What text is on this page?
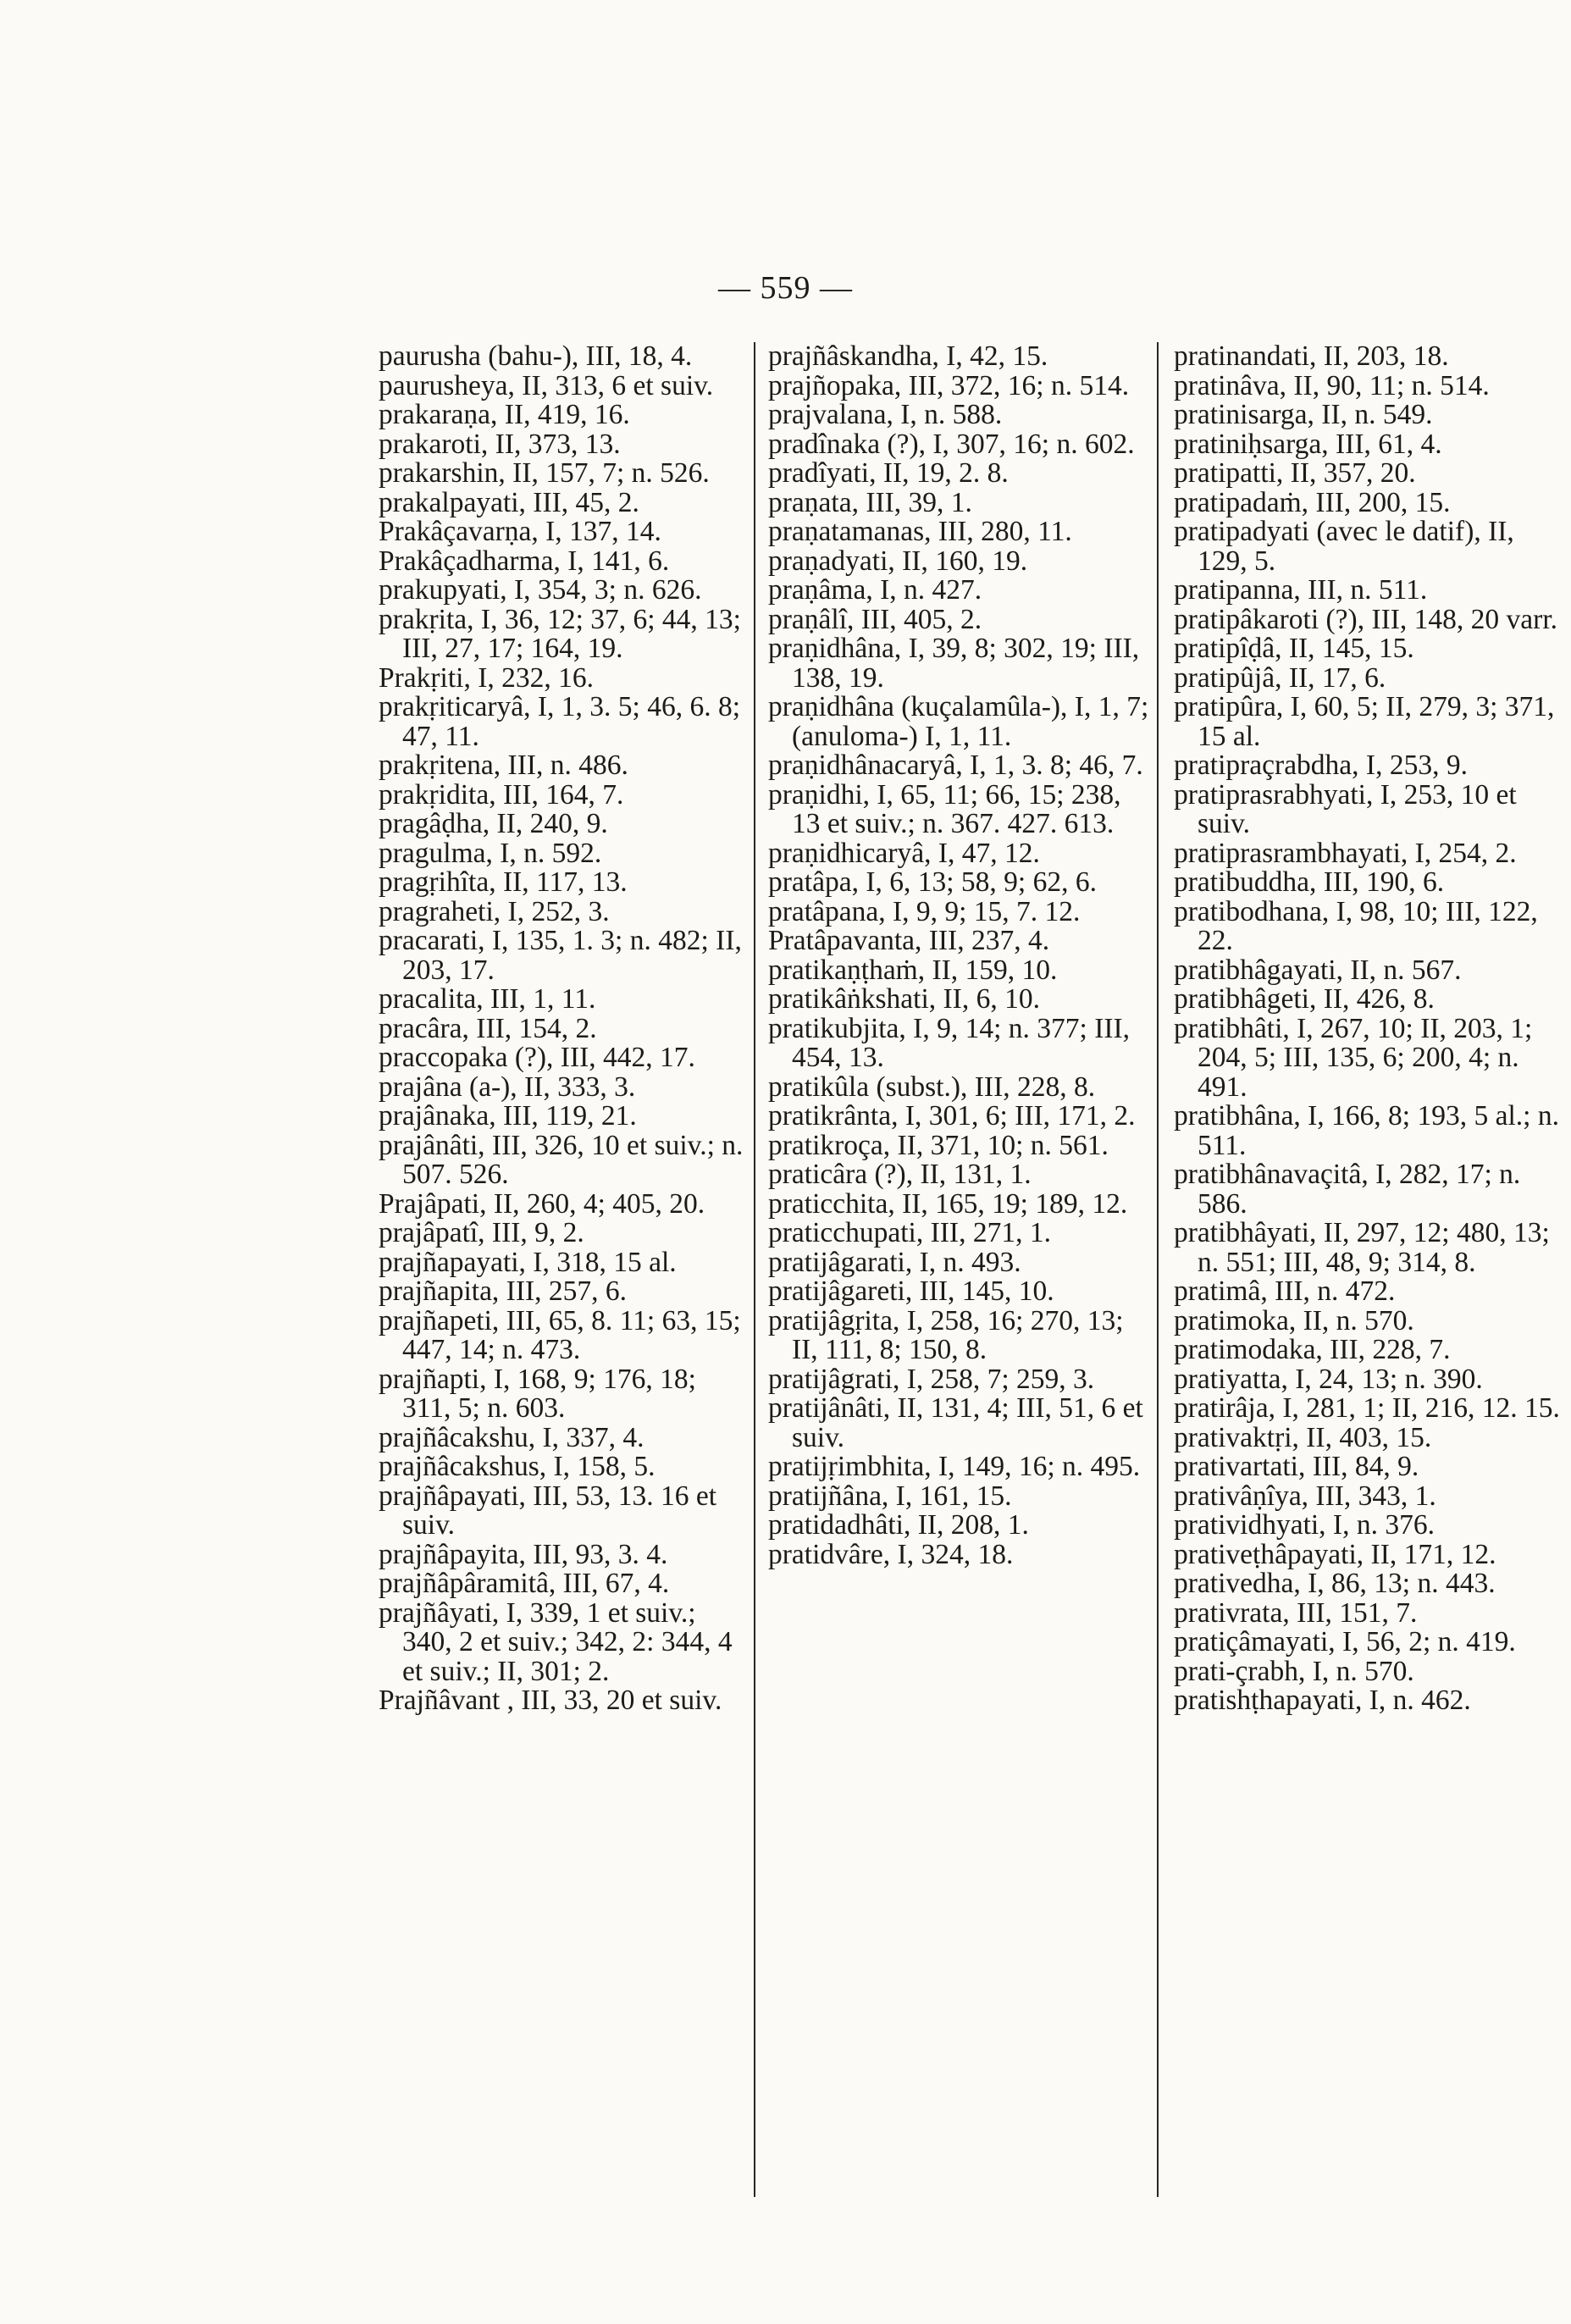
— 559 —

paurusha (bahu-), III, 18, 4.

paurusheya, II, 313, 6 et suiv.

prakaraṇa, II, 419, 16.

prakaroti, II, 373, 13.

prakarshin, II, 157, 7; n. 526.

prakalpayati, III, 45, 2.

Prakâçavarṇa, I, 137, 14.

Prakâçadharma, I, 141, 6.

prakupyati, I, 354, 3; n. 626.

prakṛita, I, 36, 12; 37, 6; 44, 13; III, 27, 17; 164, 19.

Prakṛiti, I, 232, 16.

prakṛiticaryâ, I, 1, 3. 5; 46, 6. 8; 47, 11.

prakṛitena, III, n. 486.

prakṛidita, III, 164, 7.

pragâḍha, II, 240, 9.

pragulma, I, n. 592.

pragṛihîta, II, 117, 13.

pragraheti, I, 252, 3.

pracarati, I, 135, 1. 3; n. 482; II, 203, 17.

pracalita, III, 1, 11.

pracâra, III, 154, 2.

praccopaka (?), III, 442, 17.

prajâna (a-), II, 333, 3.

prajânaka, III, 119, 21.

prajânâti, III, 326, 10 et suiv.; n. 507. 526.

Prajâpati, II, 260, 4; 405, 20.

prajâpatî, III, 9, 2.

prajñapayati, I, 318, 15 al.

prajñapita, III, 257, 6.

prajñapeti, III, 65, 8. 11; 63, 15; 447, 14; n. 473.

prajñapti, I, 168, 9; 176, 18; 311, 5; n. 603.

prajñâcakshu, I, 337, 4.

prajñâcakshus, I, 158, 5.

prajñâpayati, III, 53, 13. 16 et suiv.

prajñâpayita, III, 93, 3. 4.

prajñâpâramitâ, III, 67, 4.

prajñâyati, I, 339, 1 et suiv.; 340, 2 et suiv.; 342, 2: 344, 4 et suiv.; II, 301; 2.

Prajñâvant , III, 33, 20 et suiv.

prajñâskandha, I, 42, 15.

prajñopaka, III, 372, 16; n. 514.

prajvalana, I, n. 588.

pradînaka (?), I, 307, 16; n. 602.

pradîyati, II, 19, 2. 8.

praṇata, III, 39, 1.

praṇatamanas, III, 280, 11.

praṇadyati, II, 160, 19.

praṇâma, I, n. 427.

praṇâlî, III, 405, 2.

praṇidhâna, I, 39, 8; 302, 19; III, 138, 19.

praṇidhâna (kuçalamûla-), I, 1, 7; (anuloma-) I, 1, 11.

praṇidhânacaryâ, I, 1, 3. 8; 46, 7.

praṇidhi, I, 65, 11; 66, 15; 238, 13 et suiv.; n. 367. 427. 613.

praṇidhicaryâ, I, 47, 12.

pratâpa, I, 6, 13; 58, 9; 62, 6.

pratâpana, I, 9, 9; 15, 7. 12.

Pratâpavanta, III, 237, 4.

pratikaṇṭhaṁ, II, 159, 10.

pratikâṅkshati, II, 6, 10.

pratikubjita, I, 9, 14; n. 377; III, 454, 13.

pratikûla (subst.), III, 228, 8.

pratikrânta, I, 301, 6; III, 171, 2.

pratikroça, II, 371, 10; n. 561.

praticâra (?), II, 131, 1.

praticchita, II, 165, 19; 189, 12.

praticchupati, III, 271, 1.

pratijâgarati, I, n. 493.

pratijâgareti, III, 145, 10.

pratijâgṛita, I, 258, 16; 270, 13; II, 111, 8; 150, 8.

pratijâgrati, I, 258, 7; 259, 3.

pratijânâti, II, 131, 4; III, 51, 6 et suiv.

pratijṛimbhita, I, 149, 16; n. 495.

pratijñâna, I, 161, 15.

pratidadhâti, II, 208, 1.

pratidvâre, I, 324, 18.

pratinandati, II, 203, 18.

pratinâva, II, 90, 11; n. 514.

pratinisarga, II, n. 549.

pratiniḥsarga, III, 61, 4.

pratipatti, II, 357, 20.

pratipadaṁ, III, 200, 15.

pratipadyati (avec le datif), II, 129, 5.

pratipanna, III, n. 511.

pratipâkaroti (?), III, 148, 20 varr.

pratipîḍâ, II, 145, 15.

pratipûjâ, II, 17, 6.

pratipûra, I, 60, 5; II, 279, 3; 371, 15 al.

pratipraçrabdha, I, 253, 9.

pratiprasrabhyati, I, 253, 10 et suiv.

pratiprasrambhayati, I, 254, 2.

pratibuddha, III, 190, 6.

pratibodhana, I, 98, 10; III, 122, 22.

pratibhâgayati, II, n. 567.

pratibhâgeti, II, 426, 8.

pratibhâti, I, 267, 10; II, 203, 1; 204, 5; III, 135, 6; 200, 4; n. 491.

pratibhâna, I, 166, 8; 193, 5 al.; n. 511.

pratibhânavaçitâ, I, 282, 17; n. 586.

pratibhâyati, II, 297, 12; 480, 13; n. 551; III, 48, 9; 314, 8.

pratimâ, III, n. 472.

pratimoka, II, n. 570.

pratimodaka, III, 228, 7.

pratiyatta, I, 24, 13; n. 390.

pratirâja, I, 281, 1; II, 216, 12. 15.

prativaktṛi, II, 403, 15.

prativartati, III, 84, 9.

prativâṇîya, III, 343, 1.

pratividhyati, I, n. 376.

prativeṭhâpayati, II, 171, 12.

prativedha, I, 86, 13; n. 443.

prativrata, III, 151, 7.

pratiçâmayati, I, 56, 2; n. 419.

prati-çrabh, I, n. 570.

pratishṭhapayati, I, n. 462.
